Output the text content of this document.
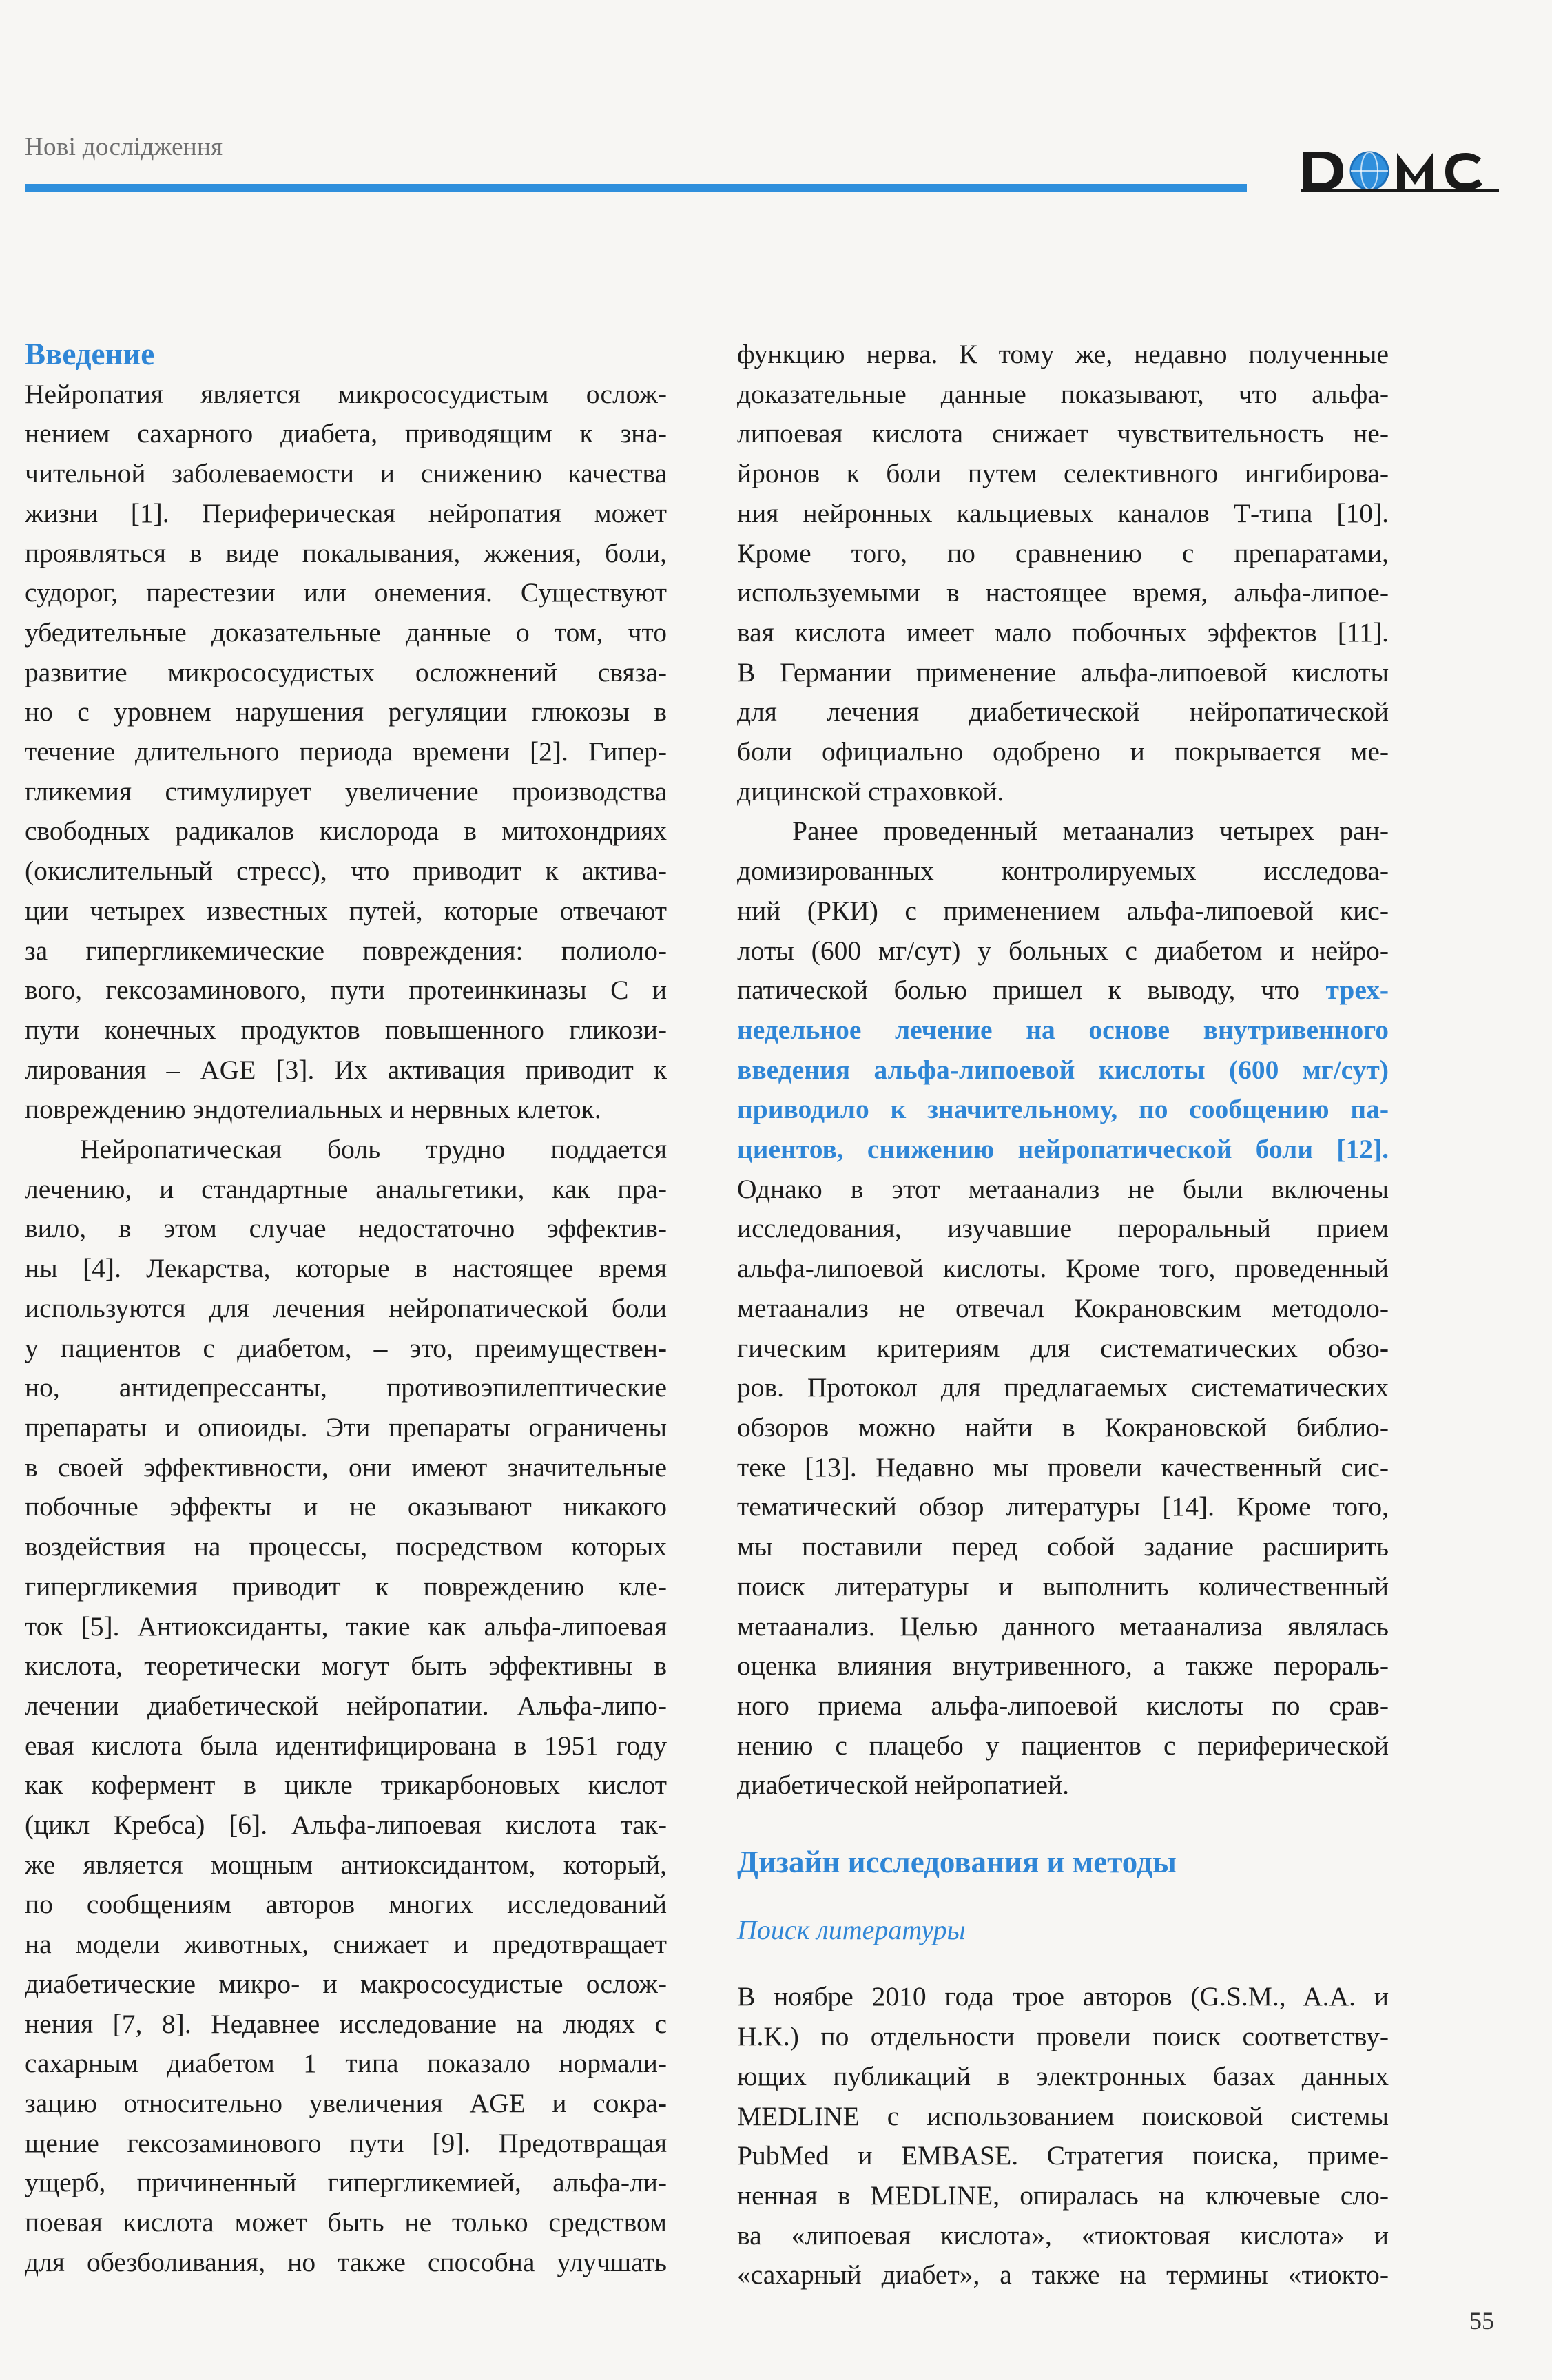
Нові дослідження
Введение
Нейропатия является микрососудистым ослож-
нением сахарного диабета, приводящим к зна-
чительной заболеваемости и снижению качества
жизни [1]. Периферическая нейропатия может
проявляться в виде покалывания, жжения, боли,
судорог, парестезии или онемения. Существуют
убедительные доказательные данные о том, что
развитие микрососудистых осложнений связа-
но с уровнем нарушения регуляции глюкозы в
течение длительного периода времени [2]. Гипер-
гликемия стимулирует увеличение производства
свободных радикалов кислорода в митохондриях
(окислительный стресс), что приводит к актива-
ции четырех известных путей, которые отвечают
за гипергликемические повреждения: полиоло-
вого, гексозаминового, пути протеинкиназы С и
пути конечных продуктов повышенного гликози-
лирования – AGE [3]. Их активация приводит к
повреждению эндотелиальных и нервных клеток.
Нейропатическая боль трудно поддается
лечению, и стандартные анальгетики, как пра-
вило, в этом случае недостаточно эффектив-
ны [4]. Лекарства, которые в настоящее время
используются для лечения нейропатической боли
у пациентов с диабетом, – это, преимуществен-
но, антидепрессанты, противоэпилептические
препараты и опиоиды. Эти препараты ограничены
в своей эффективности, они имеют значительные
побочные эффекты и не оказывают никакого
воздействия на процессы, посредством которых
гипергликемия приводит к повреждению кле-
ток [5]. Антиоксиданты, такие как альфа-липоевая
кислота, теоретически могут быть эффективны в
лечении диабетической нейропатии. Альфа-липо-
евая кислота была идентифицирована в 1951 году
как кофермент в цикле трикарбоновых кислот
(цикл Кребса) [6]. Альфа-липоевая кислота так-
же является мощным антиоксидантом, который,
по сообщениям авторов многих исследований
на модели животных, снижает и предотвращает
диабетические микро- и макрососудистые ослож-
нения [7, 8]. Недавнее исследование на людях с
сахарным диабетом 1 типа показало нормали-
зацию относительно увеличения AGE и сокра-
щение гексозаминового пути [9]. Предотвращая
ущерб, причиненный гипергликемией, альфа-ли-
поевая кислота может быть не только средством
для обезболивания, но также способна улучшать
функцию нерва. К тому же, недавно полученные
доказательные данные показывают, что альфа-
липоевая кислота снижает чувствительность не-
йронов к боли путем селективного ингибирова-
ния нейронных кальциевых каналов Т-типа [10].
Кроме того, по сравнению с препаратами,
используемыми в настоящее время, альфа-липое-
вая кислота имеет мало побочных эффектов [11].
В Германии применение альфа-липоевой кислоты
для лечения диабетической нейропатической
боли официально одобрено и покрывается ме-
дицинской страховкой.
Ранее проведенный метаанализ четырех ран-
домизированных контролируемых исследова-
ний (РКИ) с применением альфа-липоевой кис-
лоты (600 мг/сут) у больных с диабетом и нейро-
патической болью пришел к выводу, что трех-
недельное лечение на основе внутривенного
введения альфа-липоевой кислоты (600 мг/сут)
приводило к значительному, по сообщению па-
циентов, снижению нейропатической боли [12].
Однако в этот метаанализ не были включены
исследования, изучавшие пероральный прием
альфа-липоевой кислоты. Кроме того, проведенный
метаанализ не отвечал Кокрановским методоло-
гическим критериям для систематических обзо-
ров. Протокол для предлагаемых систематических
обзоров можно найти в Кокрановской библио-
теке [13]. Недавно мы провели качественный сис-
тематический обзор литературы [14]. Кроме того,
мы поставили перед собой задание расширить
поиск литературы и выполнить количественный
метаанализ. Целью данного метаанализа являлась
оценка влияния внутривенного, а также перораль-
ного приема альфа-липоевой кислоты по срав-
нению с плацебо у пациентов с периферической
диабетической нейропатией.
Дизайн исследования и методы
Поиск литературы
В ноябре 2010 года трое авторов (G.S.M., A.A. и
H.K.) по отдельности провели поиск соответству-
ющих публикаций в электронных базах данных
MEDLINE с использованием поисковой системы
PubMed и EMBASE. Стратегия поиска, приме-
ненная в MEDLINE, опиралась на ключевые сло-
ва «липоевая кислота», «тиоктовая кислота» и
«сахарный диабет», а также на термины «тиокто-
55
